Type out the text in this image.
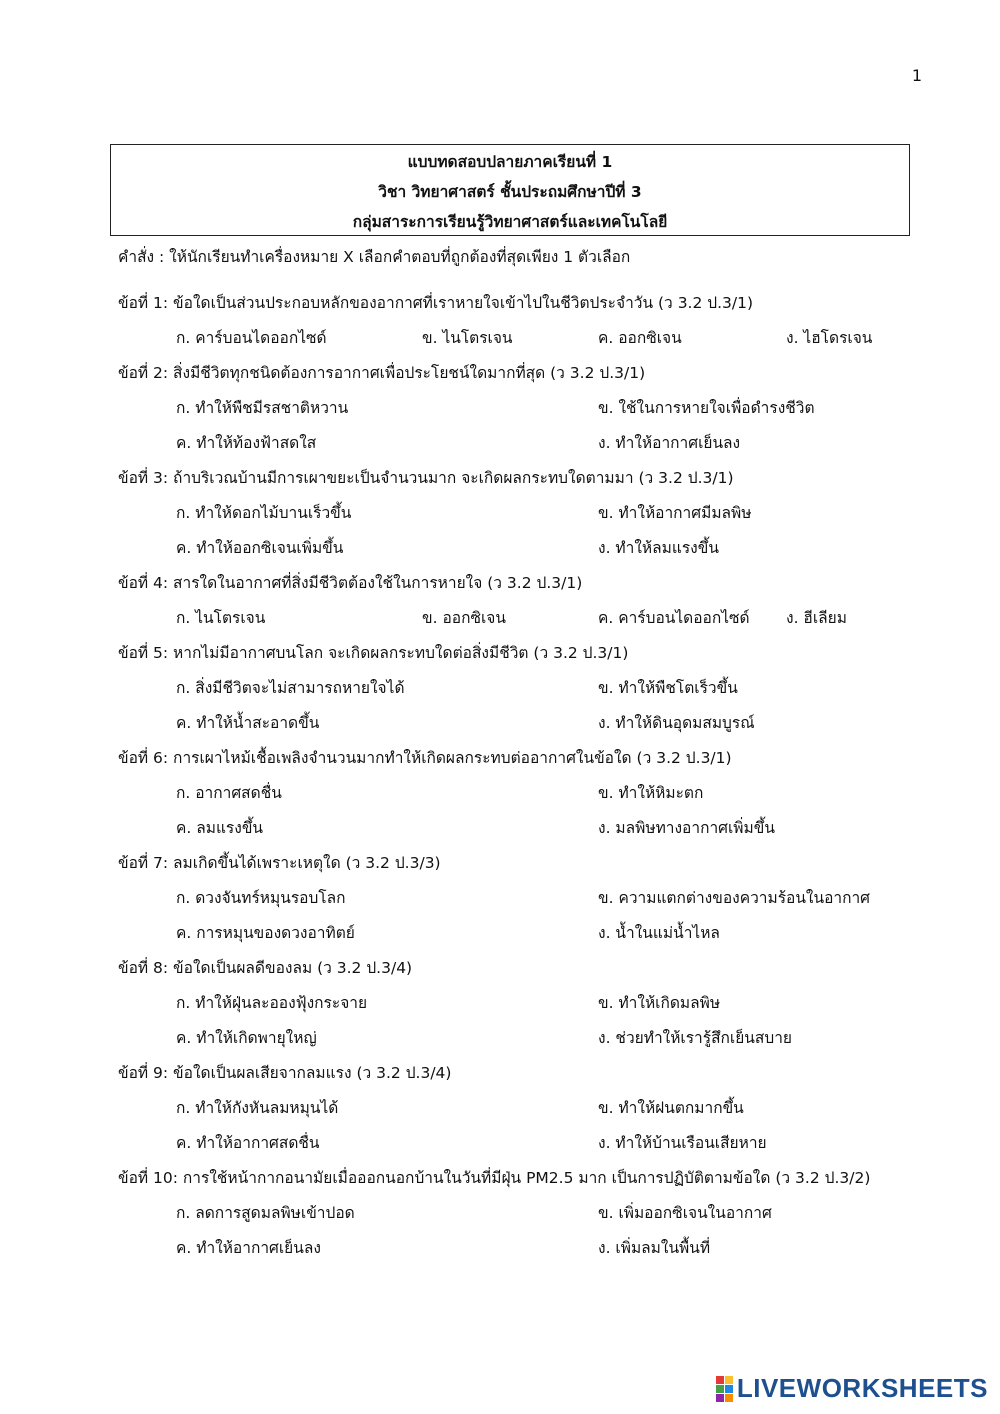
1
แบบทดสอบปลายภาคเรียนที่ 1
วิชา วิทยาศาสตร์ ชั้นประถมศึกษาปีที่ 3
กลุ่มสาระการเรียนรู้วิทยาศาสตร์และเทคโนโลยี
คำสั่ง : ให้นักเรียนทำเครื่องหมาย X เลือกคำตอบที่ถูกต้องที่สุดเพียง 1 ตัวเลือก
ข้อที่ 1: ข้อใดเป็นส่วนประกอบหลักของอากาศที่เราหายใจเข้าไปในชีวิตประจำวัน (ว 3.2 ป.3/1)
ก. คาร์บอนไดออกไซด์	ข. ไนโตรเจน	ค. ออกซิเจน	ง. ไฮโดรเจน
ข้อที่ 2: สิ่งมีชีวิตทุกชนิดต้องการอากาศเพื่อประโยชน์ใดมากที่สุด (ว 3.2 ป.3/1)
ก. ทำให้พืชมีรสชาติหวาน	ข. ใช้ในการหายใจเพื่อดำรงชีวิต
ค. ทำให้ท้องฟ้าสดใส	ง. ทำให้อากาศเย็นลง
ข้อที่ 3: ถ้าบริเวณบ้านมีการเผาขยะเป็นจำนวนมาก จะเกิดผลกระทบใดตามมา (ว 3.2 ป.3/1)
ก. ทำให้ดอกไม้บานเร็วขึ้น	ข. ทำให้อากาศมีมลพิษ
ค. ทำให้ออกซิเจนเพิ่มขึ้น	ง. ทำให้ลมแรงขึ้น
ข้อที่ 4: สารใดในอากาศที่สิ่งมีชีวิตต้องใช้ในการหายใจ (ว 3.2 ป.3/1)
ก. ไนโตรเจน	ข. ออกซิเจน	ค. คาร์บอนไดออกไซด์ ง. ฮีเลียม
ข้อที่ 5: หากไม่มีอากาศบนโลก จะเกิดผลกระทบใดต่อสิ่งมีชีวิต (ว 3.2 ป.3/1)
ก. สิ่งมีชีวิตจะไม่สามารถหายใจได้	ข. ทำให้พืชโตเร็วขึ้น
ค. ทำให้น้ำสะอาดขึ้น	ง. ทำให้ดินอุดมสมบูรณ์
ข้อที่ 6: การเผาไหม้เชื้อเพลิงจำนวนมากทำให้เกิดผลกระทบต่ออากาศในข้อใด (ว 3.2 ป.3/1)
ก. อากาศสดชื่น	ข. ทำให้หิมะตก
ค. ลมแรงขึ้น	ง. มลพิษทางอากาศเพิ่มขึ้น
ข้อที่ 7: ลมเกิดขึ้นได้เพราะเหตุใด (ว 3.2 ป.3/3)
ก. ดวงจันทร์หมุนรอบโลก	ข. ความแตกต่างของความร้อนในอากาศ
ค. การหมุนของดวงอาทิตย์	ง. น้ำในแม่น้ำไหล
ข้อที่ 8: ข้อใดเป็นผลดีของลม (ว 3.2 ป.3/4)
ก. ทำให้ฝุ่นละอองฟุ้งกระจาย	ข. ทำให้เกิดมลพิษ
ค. ทำให้เกิดพายุใหญ่	ง. ช่วยทำให้เรารู้สึกเย็นสบาย
ข้อที่ 9: ข้อใดเป็นผลเสียจากลมแรง (ว 3.2 ป.3/4)
ก. ทำให้กังหันลมหมุนได้	ข. ทำให้ฝนตกมากขึ้น
ค. ทำให้อากาศสดชื่น	ง. ทำให้บ้านเรือนเสียหาย
ข้อที่ 10: การใช้หน้ากากอนามัยเมื่อออกนอกบ้านในวันที่มีฝุ่น PM2.5 มาก เป็นการปฏิบัติตามข้อใด (ว 3.2 ป.3/2)
ก. ลดการสูดมลพิษเข้าปอด	ข. เพิ่มออกซิเจนในอากาศ
ค. ทำให้อากาศเย็นลง	ง. เพิ่มลมในพื้นที่
LIVEWORKSHEETS
